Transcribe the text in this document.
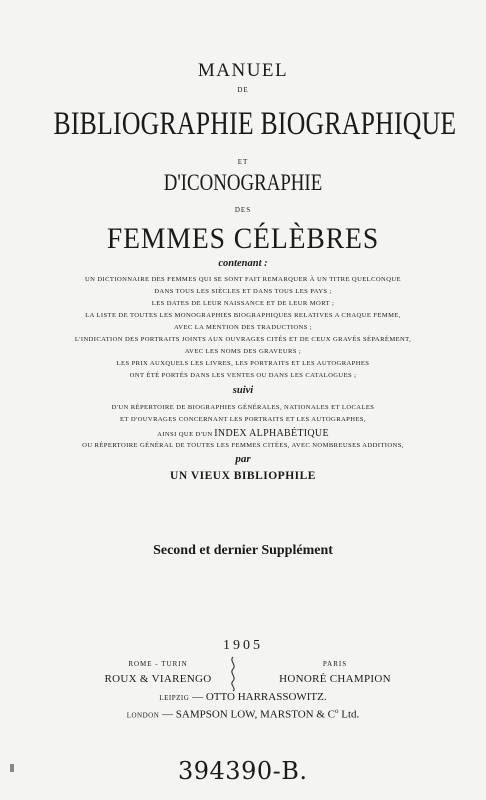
MANUEL
DE
BIBLIOGRAPHIE BIOGRAPHIQUE
ET
D'ICONOGRAPHIE
DES
FEMMES CÉLÈBRES
contenant :
UN DICTIONNAIRE DES FEMMES QUI SE SONT FAIT REMARQUER À UN TITRE QUELCONQUE
DANS TOUS LES SIÈCLES ET DANS TOUS LES PAYS ;
LES DATES DE LEUR NAISSANCE ET DE LEUR MORT ;
LA LISTE DE TOUTES LES MONOGRAPHIES BIOGRAPHIQUES RELATIVES A CHAQUE FEMME,
AVEC LA MENTION DES TRADUCTIONS ;
L'INDICATION DES PORTRAITS JOINTS AUX OUVRAGES CITÉS ET DE CEUX GRAVÉS SÉPARÉMENT,
AVEC LES NOMS DES GRAVEURS ;
LES PRIX AUXQUELS LES LIVRES, LES PORTRAITS ET LES AUTOGRAPHES
ONT ÉTÉ PORTÉS DANS LES VENTES OU DANS LES CATALOGUES ;
suivi
D'UN RÉPERTOIRE DE BIOGRAPHIES GÉNÉRALES, NATIONALES ET LOCALES
ET D'OUVRAGES CONCERNANT LES PORTRAITS ET LES AUTOGRAPHES,
AINSI QUE D'UN INDEX ALPHABÉTIQUE
OU RÉPERTOIRE GÉNÉRAL DE TOUTES LES FEMMES CITÉES, AVEC NOMBREUSES ADDITIONS,
par
UN VIEUX BIBLIOPHILE
Second et dernier Supplément
1905
ROME - TURIN
ROUX & VIARENGO
PARIS
HONORÉ CHAMPION
LEIPZIG — OTTO HARRASSOWITZ.
LONDON — SAMPSON LOW, MARSTON & $C^o$ Ltd.
394390-B.
